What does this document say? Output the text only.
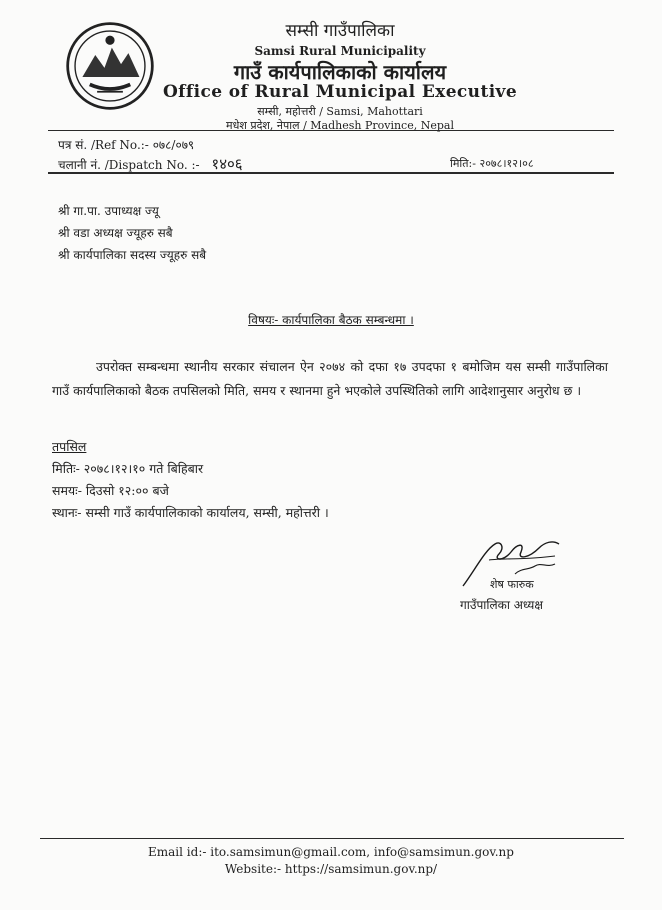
सम्सी गाउँपालिका
Samsi Rural Municipality
गाउँ कार्यपालिकाको कार्यालय
Office of Rural Municipal Executive
सम्सी, महोत्तरी / Samsi, Mahottari
मधेश प्रदेश, नेपाल / Madhesh Province, Nepal
पत्र सं. /Ref No.:- ०७८/०७९
चलानी नं. /Dispatch No. :- १४०६	मिति:- २०७८।१२।०८
श्री गा.पा. उपाध्यक्ष ज्यू
श्री वडा अध्यक्ष ज्यूहरु सबै
श्री कार्यपालिका सदस्य ज्यूहरु सबै
विषयः- कार्यपालिका बैठक सम्बन्धमा ।
उपरोक्त सम्बन्धमा स्थानीय सरकार संचालन ऐन २०७४ को दफा १७ उपदफा १ बमोजिम यस सम्सी गाउँपालिका गाउँ कार्यपालिकाको बैठक तपसिलको मिति, समय र स्थानमा हुने भएकोले उपस्थितिको लागि आदेशानुसार अनुरोध छ ।
तपसिल
मितिः- २०७८।१२।१० गते बिहिबार
समयः- दिउसो १२:०० बजे
स्थानः- सम्सी गाउँ कार्यपालिकाको कार्यालय, सम्सी, महोत्तरी ।
शेष फारुक
गाउँपालिका अध्यक्ष
Email id:- ito.samsimun@gmail.com, info@samsimun.gov.np
Website:- https://samsimun.gov.np/
